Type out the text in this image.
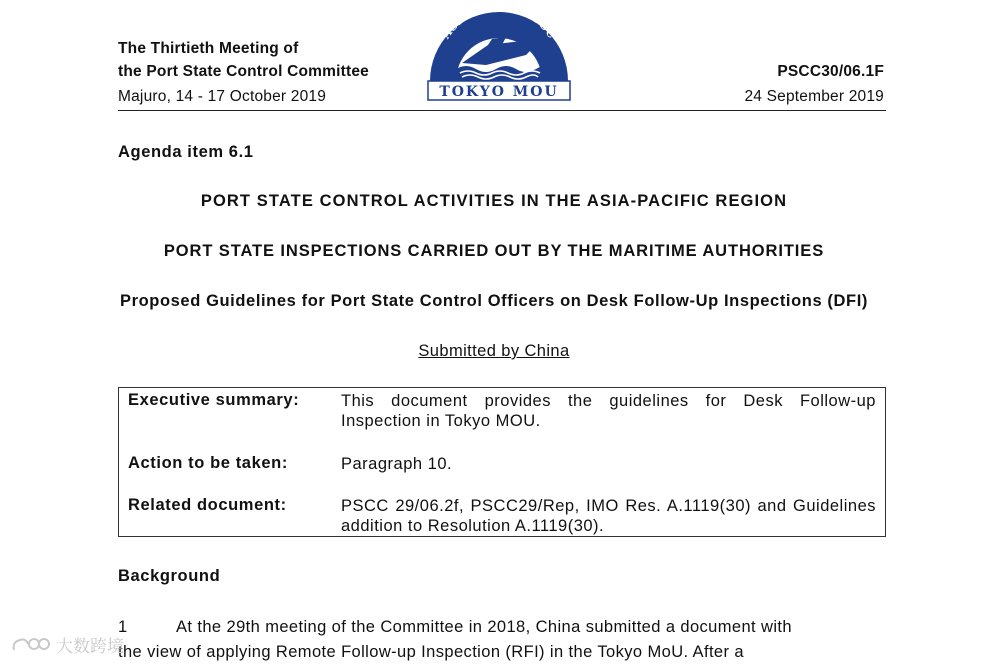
The Thirtieth Meeting of
the Port State Control Committee
Majuro, 14 - 17 October 2019
PSCC30/06.1F
24 September 2019
ASIA-PACIFIC PSC
TOKYO MOU
Agenda item 6.1
PORT STATE CONTROL ACTIVITIES IN THE ASIA-PACIFIC REGION
PORT STATE INSPECTIONS CARRIED OUT BY THE MARITIME AUTHORITIES
Proposed Guidelines for Port State Control Officers on Desk Follow-Up Inspections (DFI)
Submitted by China
Executive summary:	This document provides the guidelines for Desk Follow-up Inspection in Tokyo MOU.
Action to be taken:	Paragraph 10.
Related document:	PSCC 29/06.2f, PSCC29/Rep, IMO Res. A.1119(30) and Guidelines addition to Resolution A.1119(30).
Background
1	At the 29th meeting of the Committee in 2018, China submitted a document with
the view of applying Remote Follow-up Inspection (RFI) in the Tokyo MoU. After a
大数跨境
